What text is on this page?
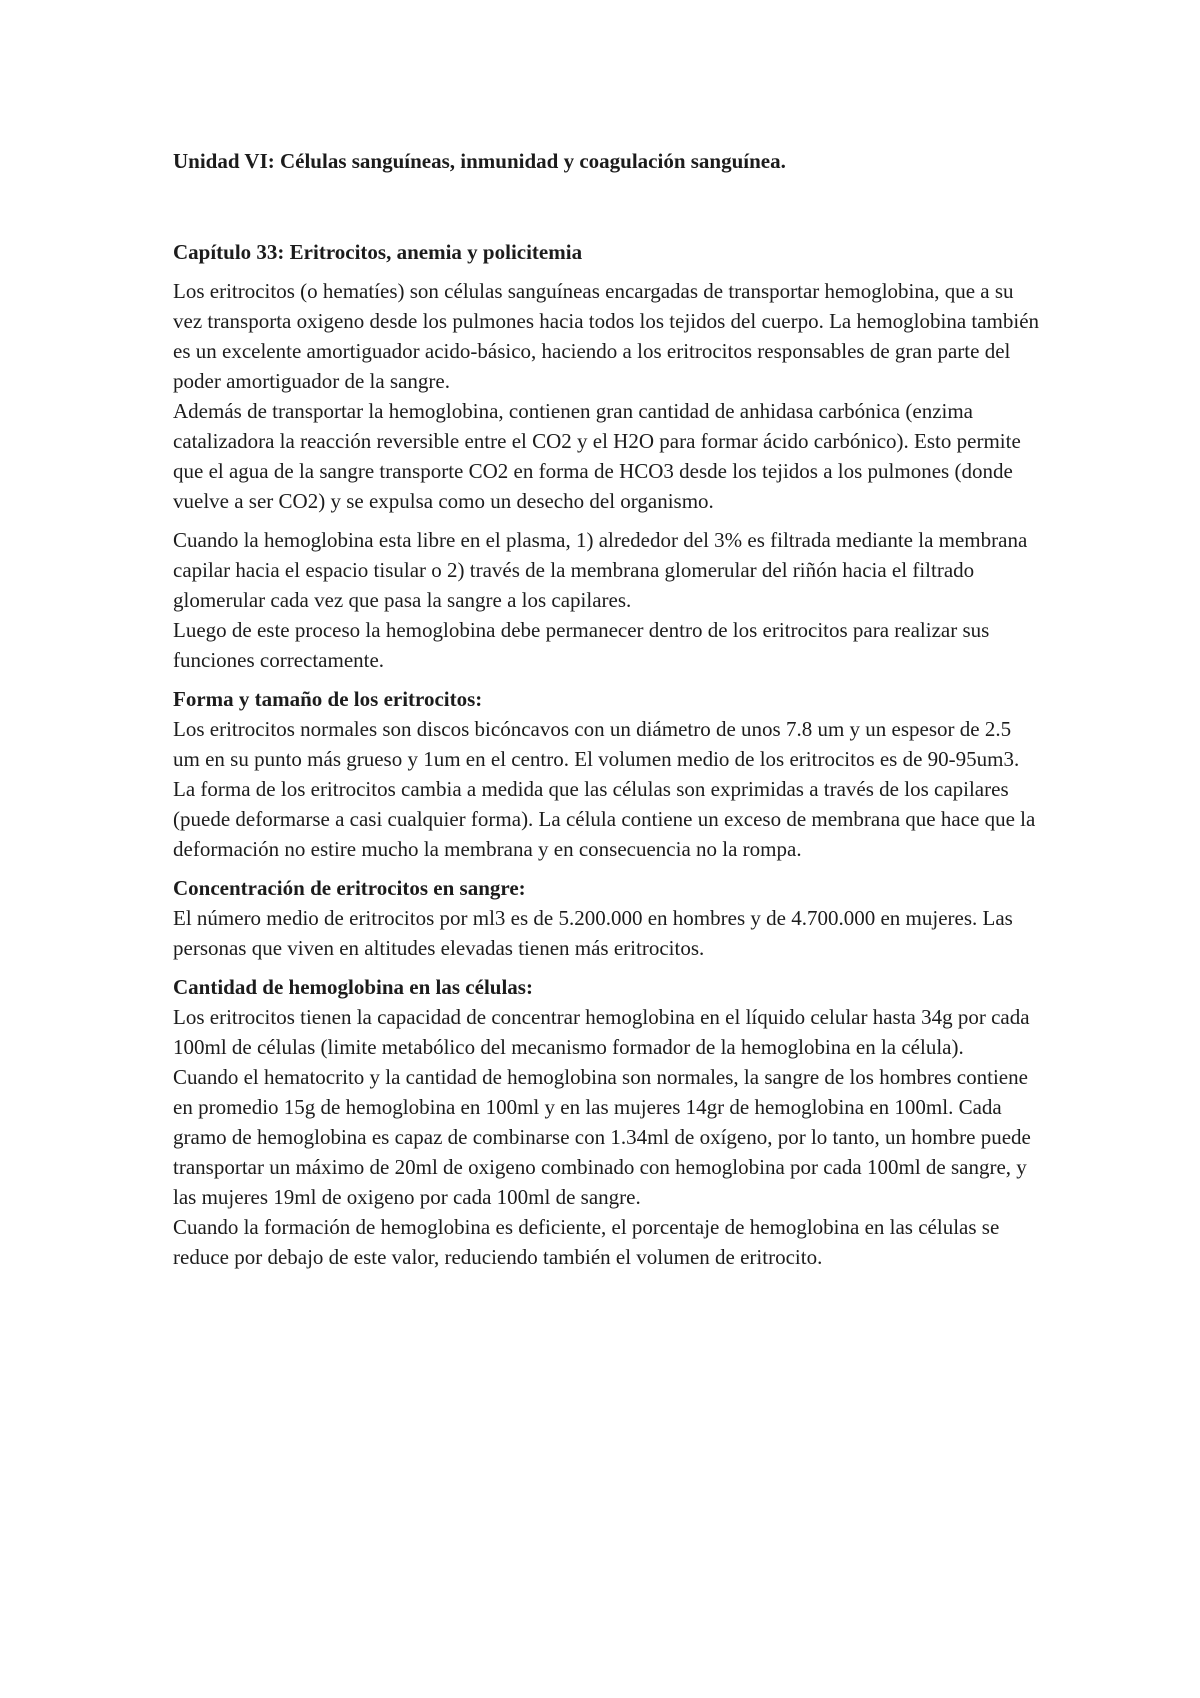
Unidad VI: Células sanguíneas, inmunidad y coagulación sanguínea.

Capítulo 33: Eritrocitos, anemia y policitemia

Los eritrocitos (o hematíes) son células sanguíneas encargadas de transportar hemoglobina, que a su vez transporta oxigeno desde los pulmones hacia todos los tejidos del cuerpo. La hemoglobina también es un excelente amortiguador acido-básico, haciendo a los eritrocitos responsables de gran parte del poder amortiguador de la sangre.

Además de transportar la hemoglobina, contienen gran cantidad de anhidasa carbónica (enzima catalizadora la reacción reversible entre el CO2 y el H2O para formar ácido carbónico). Esto permite que el agua de la sangre transporte CO2 en forma de HCO3 desde los tejidos a los pulmones (donde vuelve a ser CO2) y se expulsa como un desecho del organismo.

Cuando la hemoglobina esta libre en el plasma, 1) alrededor del 3% es filtrada mediante la membrana capilar hacia el espacio tisular o 2) través de la membrana glomerular del riñón hacia el filtrado glomerular cada vez que pasa la sangre a los capilares.

Luego de este proceso la hemoglobina debe permanecer dentro de los eritrocitos para realizar sus funciones correctamente.

Forma y tamaño de los eritrocitos:

Los eritrocitos normales son discos bicóncavos con un diámetro de unos 7.8 um y un espesor de 2.5 um en su punto más grueso y 1um en el centro. El volumen medio de los eritrocitos es de 90-95um3.

La forma de los eritrocitos cambia a medida que las células son exprimidas a través de los capilares (puede deformarse a casi cualquier forma). La célula contiene un exceso de membrana que hace que la deformación no estire mucho la membrana y en consecuencia no la rompa.

Concentración de eritrocitos en sangre:

El número medio de eritrocitos por ml3 es de 5.200.000 en hombres y de 4.700.000 en mujeres. Las personas que viven en altitudes elevadas tienen más eritrocitos.

Cantidad de hemoglobina en las células:

Los eritrocitos tienen la capacidad de concentrar hemoglobina en el líquido celular hasta 34g por cada 100ml de células (limite metabólico del mecanismo formador de la hemoglobina en la célula).

Cuando el hematocrito y la cantidad de hemoglobina son normales, la sangre de los hombres contiene en promedio 15g de hemoglobina en 100ml y en las mujeres 14gr de hemoglobina en 100ml. Cada gramo de hemoglobina es capaz de combinarse con 1.34ml de oxígeno, por lo tanto, un hombre puede transportar un máximo de 20ml de oxigeno combinado con hemoglobina por cada 100ml de sangre, y las mujeres 19ml de oxigeno por cada 100ml de sangre.

Cuando la formación de hemoglobina es deficiente, el porcentaje de hemoglobina en las células se reduce por debajo de este valor, reduciendo también el volumen de eritrocito.
